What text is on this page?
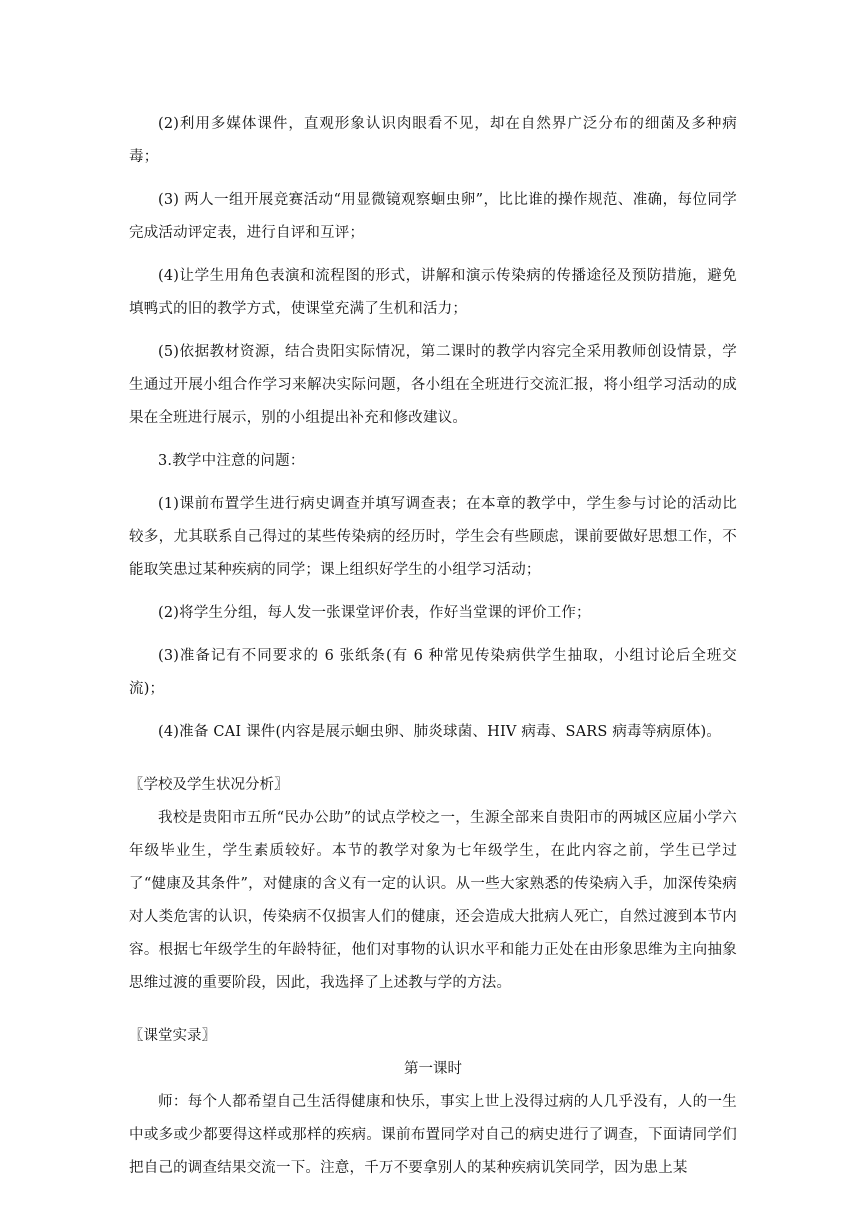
(2)利用多媒体课件，直观形象认识肉眼看不见，却在自然界广泛分布的细菌及多种病毒；

(3) 两人一组开展竞赛活动“用显微镜观察蛔虫卵”，比比谁的操作规范、准确，每位同学完成活动评定表，进行自评和互评；

(4)让学生用角色表演和流程图的形式，讲解和演示传染病的传播途径及预防措施，避免填鸭式的旧的教学方式，使课堂充满了生机和活力；

(5)依据教材资源，结合贵阳实际情况，第二课时的教学内容完全采用教师创设情景，学生通过开展小组合作学习来解决实际问题，各小组在全班进行交流汇报，将小组学习活动的成果在全班进行展示，别的小组提出补充和修改建议。

3.教学中注意的问题：

(1)课前布置学生进行病史调查并填写调查表；在本章的教学中，学生参与讨论的活动比较多，尤其联系自己得过的某些传染病的经历时，学生会有些顾虑，课前要做好思想工作，不能取笑患过某种疾病的同学；课上组织好学生的小组学习活动；

(2)将学生分组，每人发一张课堂评价表，作好当堂课的评价工作；

(3)准备记有不同要求的 6 张纸条(有 6 种常见传染病供学生抽取，小组讨论后全班交流)；

(4)准备 CAI 课件(内容是展示蛔虫卵、肺炎球菌、HIV 病毒、SARS 病毒等病原体)。

〖学校及学生状况分析〗

我校是贵阳市五所“民办公助”的试点学校之一，生源全部来自贵阳市的两城区应届小学六年级毕业生，学生素质较好。本节的教学对象为七年级学生，在此内容之前，学生已学过了“健康及其条件”，对健康的含义有一定的认识。从一些大家熟悉的传染病入手，加深传染病对人类危害的认识，传染病不仅损害人们的健康，还会造成大批病人死亡，自然过渡到本节内容。根据七年级学生的年龄特征，他们对事物的认识水平和能力正处在由形象思维为主向抽象思维过渡的重要阶段，因此，我选择了上述教与学的方法。

〖课堂实录〗

第一课时

师：每个人都希望自己生活得健康和快乐，事实上世上没得过病的人几乎没有，人的一生中或多或少都要得这样或那样的疾病。课前布置同学对自己的病史进行了调查，下面请同学们把自己的调查结果交流一下。注意，千万不要拿别人的某种疾病讥笑同学，因为患上某
